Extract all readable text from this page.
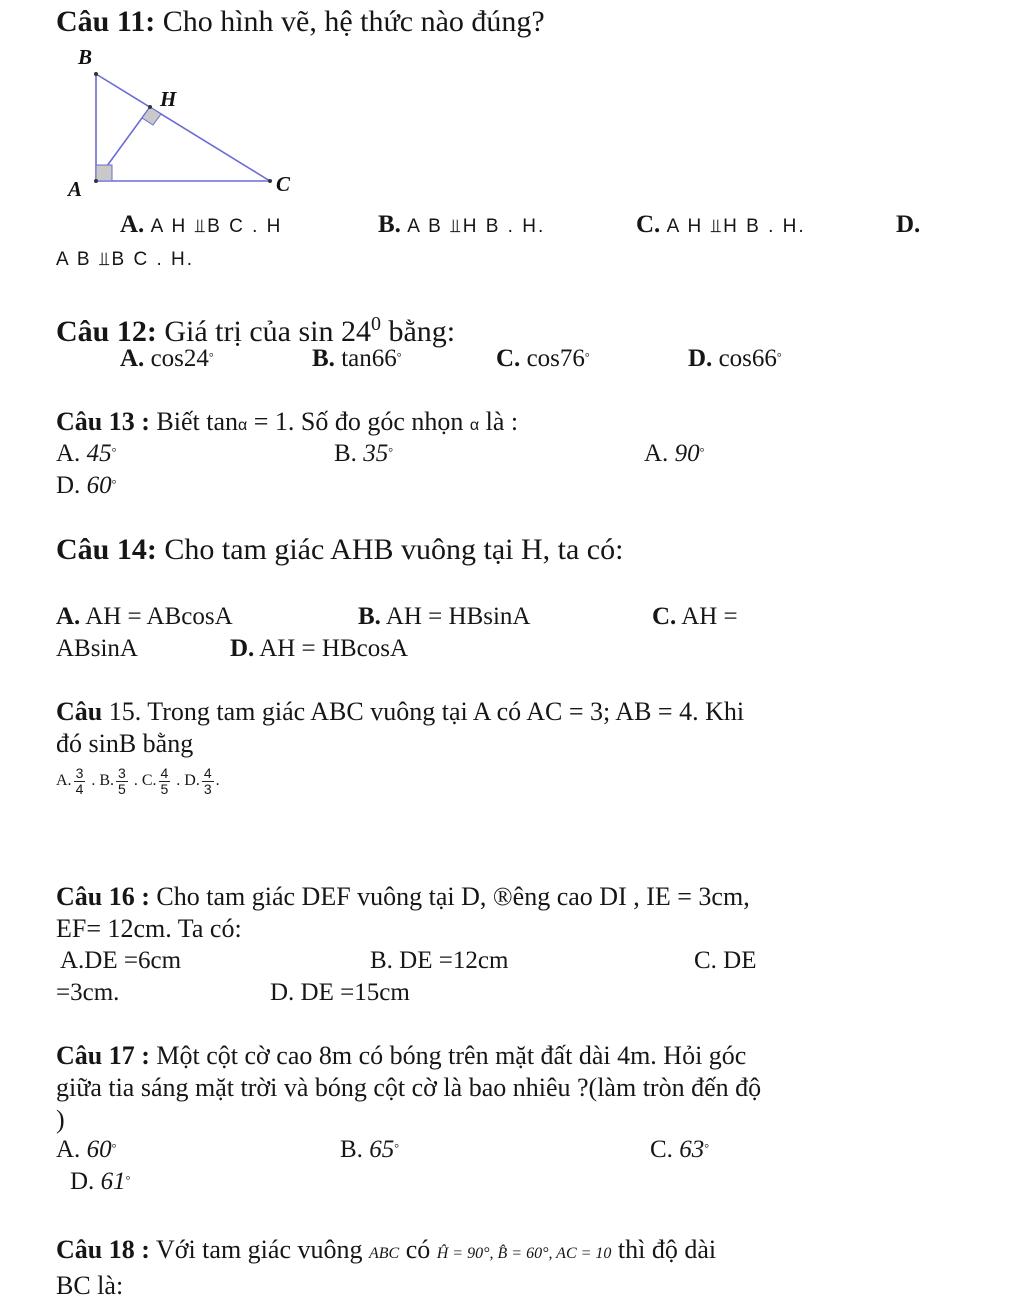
Câu 11: Cho hình vẽ, hệ thức nào đúng?
B
H
A	C
A. A H ⫫B C . H	B. A B ⫫H B . H.	C. A H ⫫H B . H.	D.
A B ⫫B C . H.
Câu 12: Giá trị của $\sin 24^0$ bằng:
A. cos24°	B. tan66°	C. cos76°	D. cos66°
Câu 13 : Biết tanα = 1. Số đo góc nhọn α là :
A. 45°	B. 35°	A. 90°
D. 60°
Câu 14: Cho tam giác AHB vuông tại H, ta có:
A. AH = ABcosA	B. AH = HBsinA	C. AH =
ABsinA	D. AH = HBcosA
Câu 15. Trong tam giác ABC vuông tại A có AC = 3; AB = 4. Khi
đó sinB bằng
A. $\frac{3}{4}$ . B. $\frac{3}{5}$ . C. $\frac{4}{5}$ . D. $\frac{4}{3}$ .
Câu 16 : Cho tam giác DEF vuông tại D, ®êng cao DI , IE = 3cm,
EF= 12cm. Ta có:
A.DE =6cm	B. DE =12cm	C. DE
=3cm.	D. DE =15cm
Câu 17 : Một cột cờ cao 8m có bóng trên mặt đất dài 4m. Hỏi góc
giữa tia sáng mặt trời và bóng cột cờ là bao nhiêu ?(làm tròn đến độ
)
A. 60°	B. 65°	C. 63°
D. 61°
Câu 18 : Với tam giác vuông ABC có Ĥ = 90°, B̂ = 60°, AC = 10 thì độ dài
BC là:
